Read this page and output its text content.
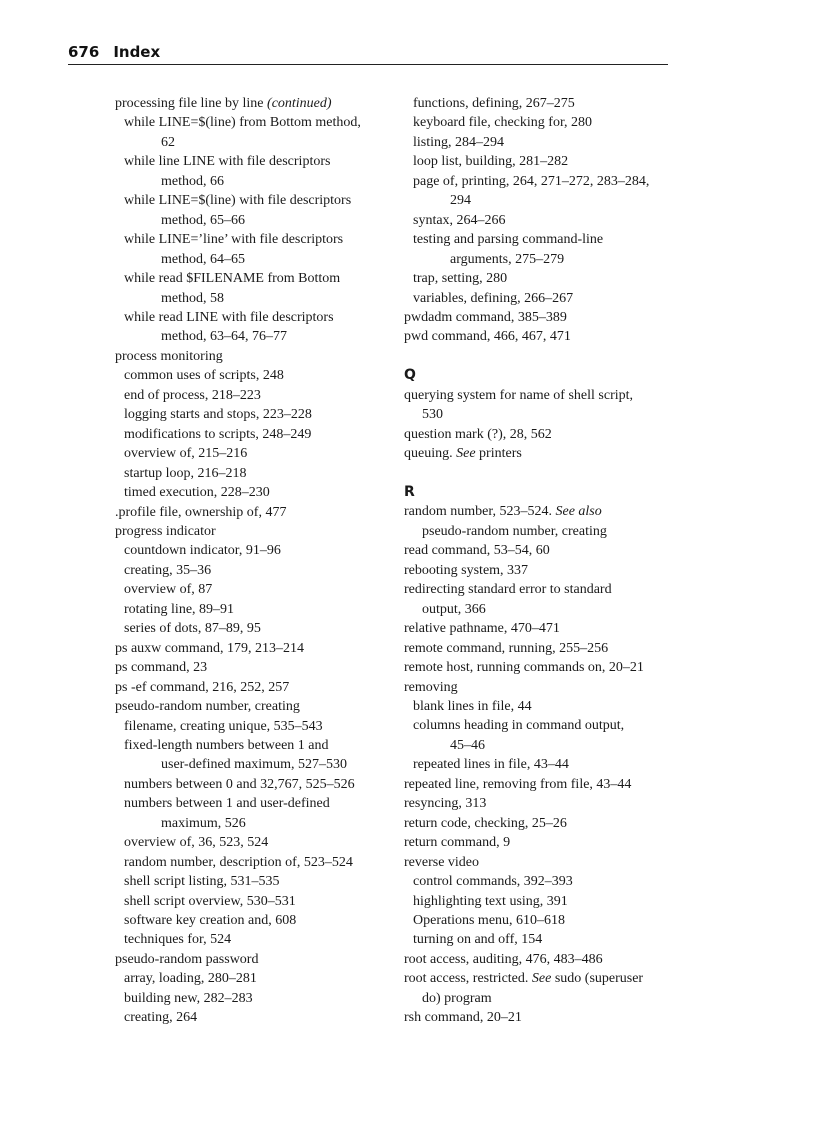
676 Index
processing file line by line (continued)
while LINE=$(line) from Bottom method,
62
while line LINE with file descriptors
method, 66
while LINE=$(line) with file descriptors
method, 65–66
while LINE=’line’ with file descriptors
method, 64–65
while read $FILENAME from Bottom
method, 58
while read LINE with file descriptors
method, 63–64, 76–77
process monitoring
common uses of scripts, 248
end of process, 218–223
logging starts and stops, 223–228
modifications to scripts, 248–249
overview of, 215–216
startup loop, 216–218
timed execution, 228–230
.profile file, ownership of, 477
progress indicator
countdown indicator, 91–96
creating, 35–36
overview of, 87
rotating line, 89–91
series of dots, 87–89, 95
ps auxw command, 179, 213–214
ps command, 23
ps -ef command, 216, 252, 257
pseudo-random number, creating
filename, creating unique, 535–543
fixed-length numbers between 1 and
user-defined maximum, 527–530
numbers between 0 and 32,767, 525–526
numbers between 1 and user-defined
maximum, 526
overview of, 36, 523, 524
random number, description of, 523–524
shell script listing, 531–535
shell script overview, 530–531
software key creation and, 608
techniques for, 524
pseudo-random password
array, loading, 280–281
building new, 282–283
creating, 264
functions, defining, 267–275
keyboard file, checking for, 280
listing, 284–294
loop list, building, 281–282
page of, printing, 264, 271–272, 283–284,
294
syntax, 264–266
testing and parsing command-line
arguments, 275–279
trap, setting, 280
variables, defining, 266–267
pwdadm command, 385–389
pwd command, 466, 467, 471
Q
querying system for name of shell script,
530
question mark (?), 28, 562
queuing. See printers
R
random number, 523–524. See also
pseudo-random number, creating
read command, 53–54, 60
rebooting system, 337
redirecting standard error to standard
output, 366
relative pathname, 470–471
remote command, running, 255–256
remote host, running commands on, 20–21
removing
blank lines in file, 44
columns heading in command output,
45–46
repeated lines in file, 43–44
repeated line, removing from file, 43–44
resyncing, 313
return code, checking, 25–26
return command, 9
reverse video
control commands, 392–393
highlighting text using, 391
Operations menu, 610–618
turning on and off, 154
root access, auditing, 476, 483–486
root access, restricted. See sudo (superuser
do) program
rsh command, 20–21
